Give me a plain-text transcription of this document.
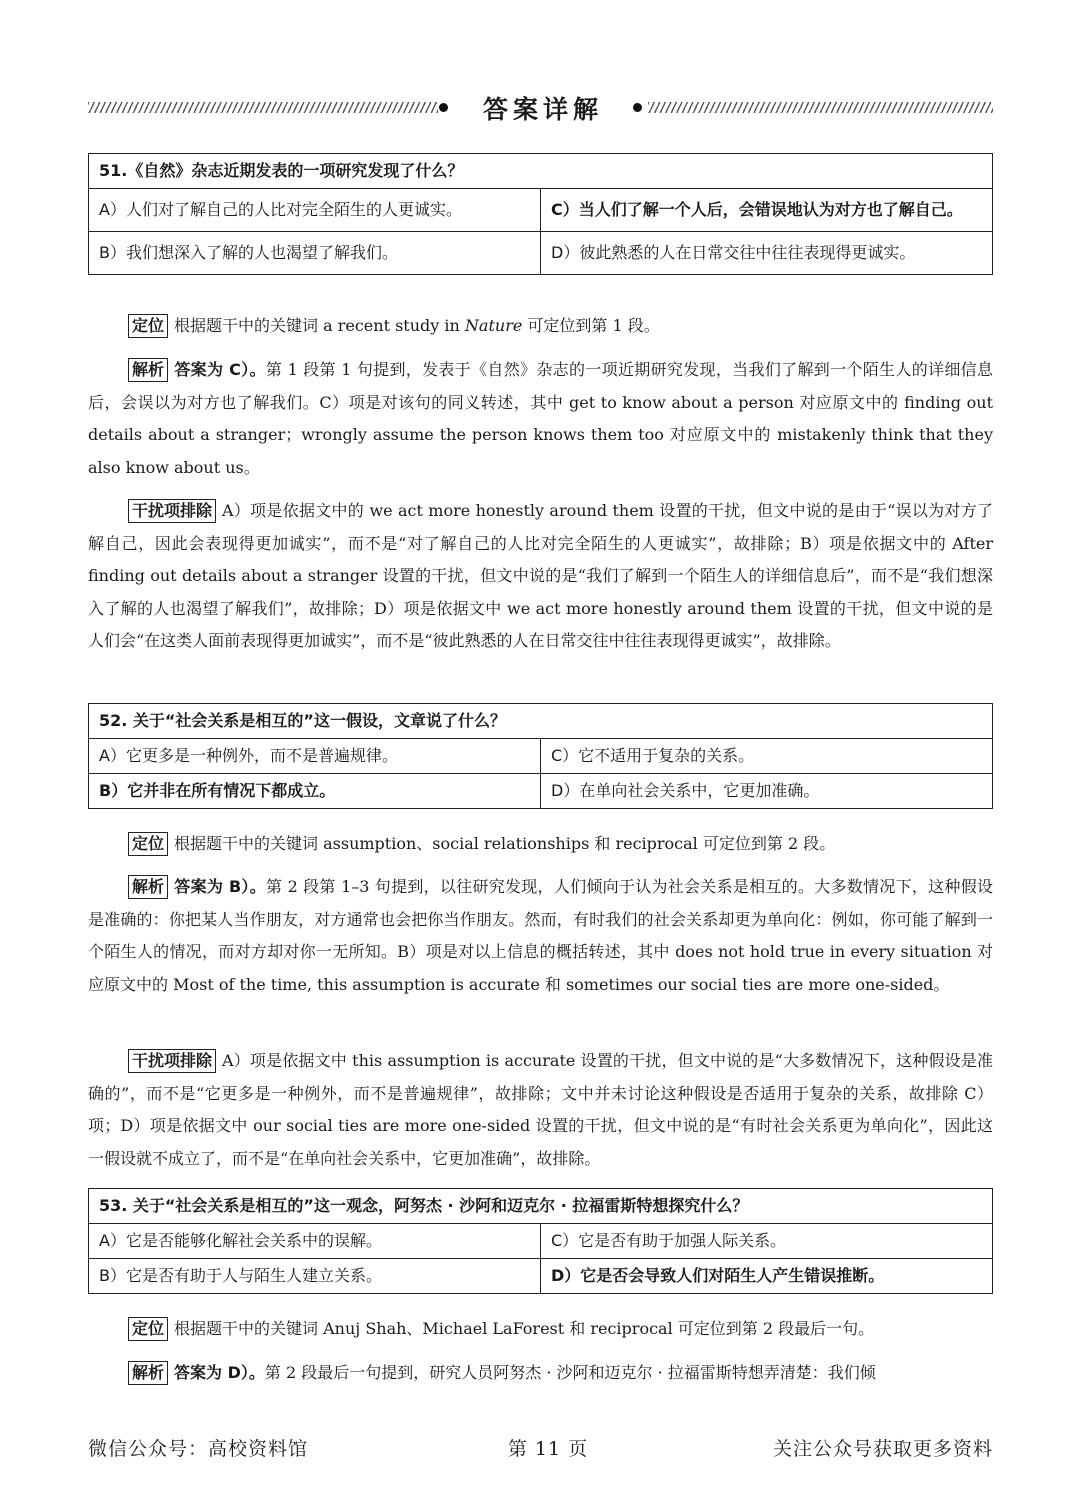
答案详解
51.《自然》杂志近期发表的一项研究发现了什么？	
A）人们对了解自己的人比对完全陌生的人更诚实。	C）当人们了解一个人后，会错误地认为对方也了解自己。
B）我们想深入了解的人也渴望了解我们。	D）彼此熟悉的人在日常交往中往往表现得更诚实。
定位 根据题干中的关键词 a recent study in Nature 可定位到第 1 段。
解析 答案为 C）。第 1 段第 1 句提到，发表于《自然》杂志的一项近期研究发现，当我们了解到一个陌生人的详细信息后，会误以为对方也了解我们。C）项是对该句的同义转述，其中 get to know about a person 对应原文中的 finding out details about a stranger；wrongly assume the person knows them too 对应原文中的 mistakenly think that they also know about us。
干扰项排除 A）项是依据文中的 we act more honestly around them 设置的干扰，但文中说的是由于“误以为对方了解自己，因此会表现得更加诚实”，而不是“对了解自己的人比对完全陌生的人更诚实”，故排除；B）项是依据文中的 After finding out details about a stranger 设置的干扰，但文中说的是“我们了解到一个陌生人的详细信息后”，而不是“我们想深入了解的人也渴望了解我们”，故排除；D）项是依据文中 we act more honestly around them 设置的干扰，但文中说的是人们会“在这类人面前表现得更加诚实”，而不是“彼此熟悉的人在日常交往中往往表现得更诚实”，故排除。
52. 关于“社会关系是相互的”这一假设，文章说了什么？	
A）它更多是一种例外，而不是普遍规律。	C）它不适用于复杂的关系。
B）它并非在所有情况下都成立。	D）在单向社会关系中，它更加准确。
定位 根据题干中的关键词 assumption、social relationships 和 reciprocal 可定位到第 2 段。
解析 答案为 B）。第 2 段第 1–3 句提到，以往研究发现，人们倾向于认为社会关系是相互的。大多数情况下，这种假设是准确的：你把某人当作朋友，对方通常也会把你当作朋友。然而，有时我们的社会关系却更为单向化：例如，你可能了解到一个陌生人的情况，而对方却对你一无所知。B）项是对以上信息的概括转述，其中 does not hold true in every situation 对应原文中的 Most of the time, this assumption is accurate 和 sometimes our social ties are more one-sided。
干扰项排除 A）项是依据文中 this assumption is accurate 设置的干扰，但文中说的是“大多数情况下，这种假设是准确的”，而不是“它更多是一种例外，而不是普遍规律”，故排除；文中并未讨论这种假设是否适用于复杂的关系，故排除 C）项；D）项是依据文中 our social ties are more one-sided 设置的干扰，但文中说的是“有时社会关系更为单向化”，因此这一假设就不成立了，而不是“在单向社会关系中，它更加准确”，故排除。
53. 关于“社会关系是相互的”这一观念，阿努杰 · 沙阿和迈克尔 · 拉福雷斯特想探究什么？	
A）它是否能够化解社会关系中的误解。	C）它是否有助于加强人际关系。
B）它是否有助于人与陌生人建立关系。	D）它是否会导致人们对陌生人产生错误推断。
定位 根据题干中的关键词 Anuj Shah、Michael LaForest 和 reciprocal 可定位到第 2 段最后一句。
解析 答案为 D）。第 2 段最后一句提到，研究人员阿努杰 · 沙阿和迈克尔 · 拉福雷斯特想弄清楚：我们倾
微信公众号：高校资料馆	第 11 页	关注公众号获取更多资料
